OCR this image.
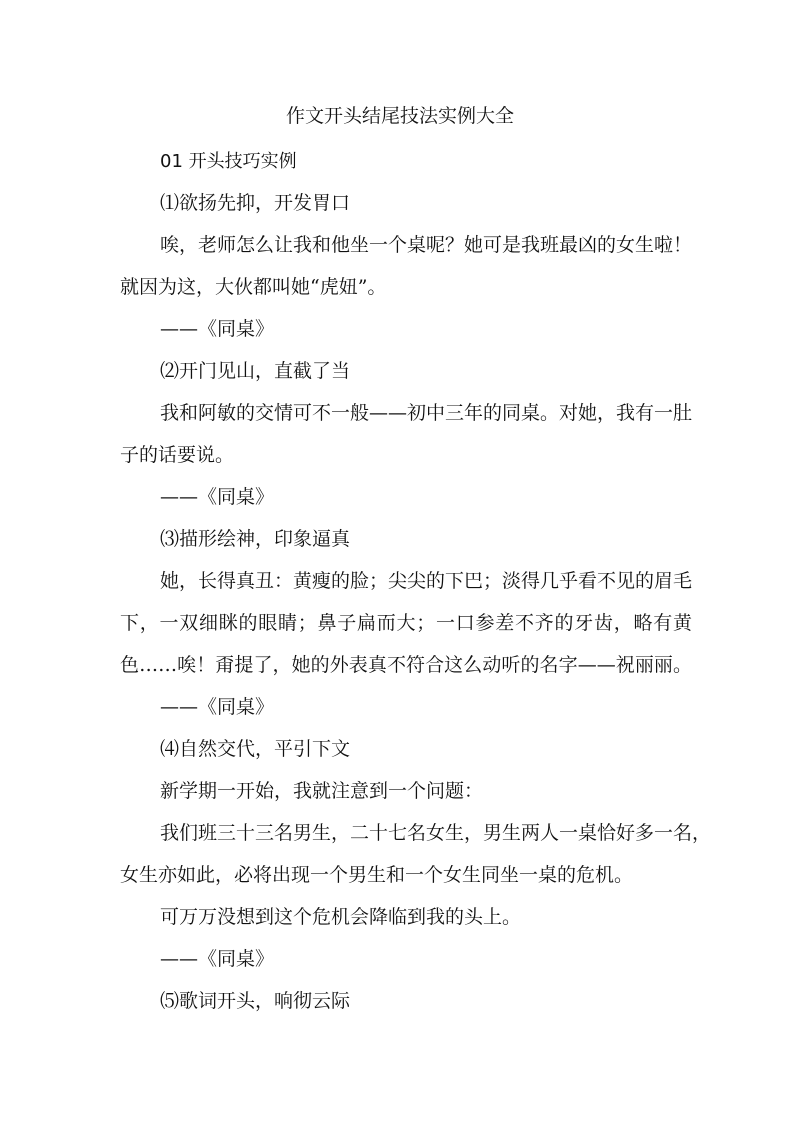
作文开头结尾技法实例大全
01 开头技巧实例
⑴欲扬先抑，开发胃口
唉，老师怎么让我和他坐一个桌呢？她可是我班最凶的女生啦！
就因为这，大伙都叫她“虎妞”。
——《同桌》
⑵开门见山，直截了当
我和阿敏的交情可不一般——初中三年的同桌。对她，我有一肚
子的话要说。
——《同桌》
⑶描形绘神，印象逼真
她，长得真丑：黄瘦的脸；尖尖的下巴；淡得几乎看不见的眉毛
下，一双细眯的眼睛；鼻子扁而大；一口参差不齐的牙齿，略有黄
色……唉！甭提了，她的外表真不符合这么动听的名字——祝丽丽。
——《同桌》
⑷自然交代，平引下文
新学期一开始，我就注意到一个问题：
我们班三十三名男生，二十七名女生，男生两人一桌恰好多一名，
女生亦如此，必将出现一个男生和一个女生同坐一桌的危机。
可万万没想到这个危机会降临到我的头上。
——《同桌》
⑸歌词开头，响彻云际
